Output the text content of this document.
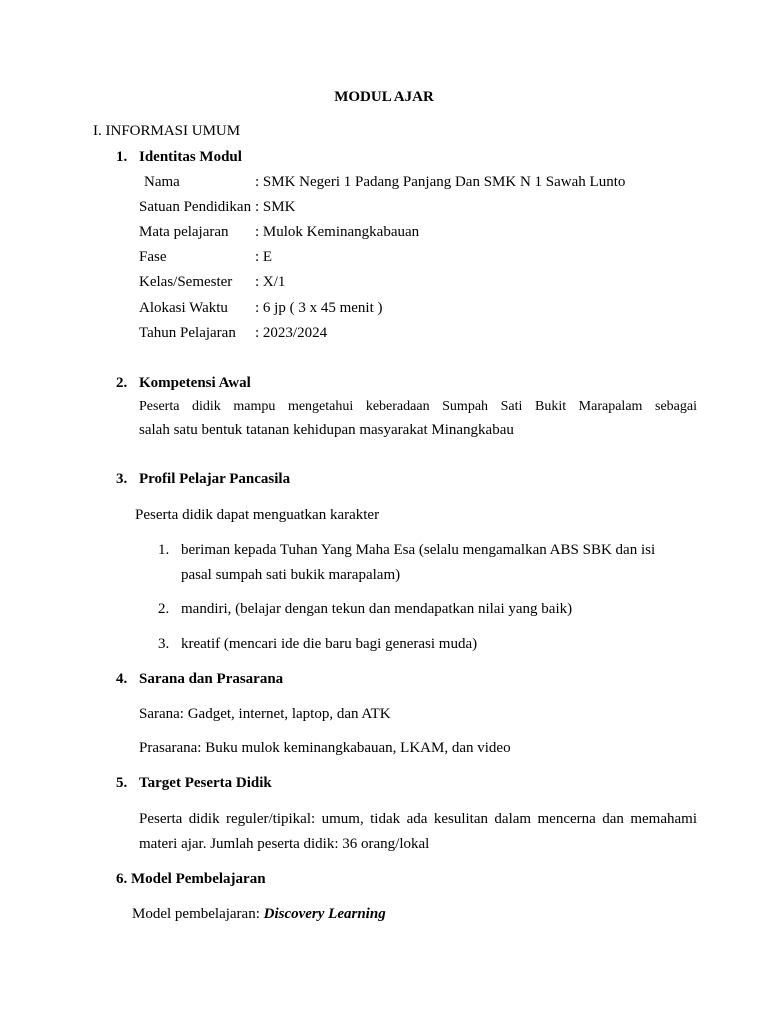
MODUL AJAR
I. INFORMASI UMUM
1. Identitas Modul
Nama	: SMK Negeri 1 Padang Panjang Dan SMK N 1 Sawah Lunto
Satuan Pendidikan : SMK
Mata pelajaran : Mulok Keminangkabauan
Fase	: E
Kelas/Semester : X/1
Alokasi Waktu : 6 jp ( 3 x 45 menit )
Tahun Pelajaran : 2023/2024
2. Kompetensi Awal
Peserta didik mampu mengetahui keberadaan Sumpah Sati Bukit Marapalam sebagai
salah satu bentuk tatanan kehidupan masyarakat Minangkabau
3. Profil Pelajar Pancasila
Peserta didik dapat menguatkan karakter
1. beriman kepada Tuhan Yang Maha Esa (selalu mengamalkan ABS SBK dan isi
pasal sumpah sati bukik marapalam)
2. mandiri, (belajar dengan tekun dan mendapatkan nilai yang baik)
3. kreatif (mencari ide die baru bagi generasi muda)
4. Sarana dan Prasarana
Sarana: Gadget, internet, laptop, dan ATK
Prasarana: Buku mulok keminangkabauan, LKAM, dan video
5. Target Peserta Didik
Peserta didik reguler/tipikal: umum, tidak ada kesulitan dalam mencerna dan memahami
materi ajar. Jumlah peserta didik: 36 orang/lokal
6. Model Pembelajaran
Model pembelajaran: Discovery Learning
